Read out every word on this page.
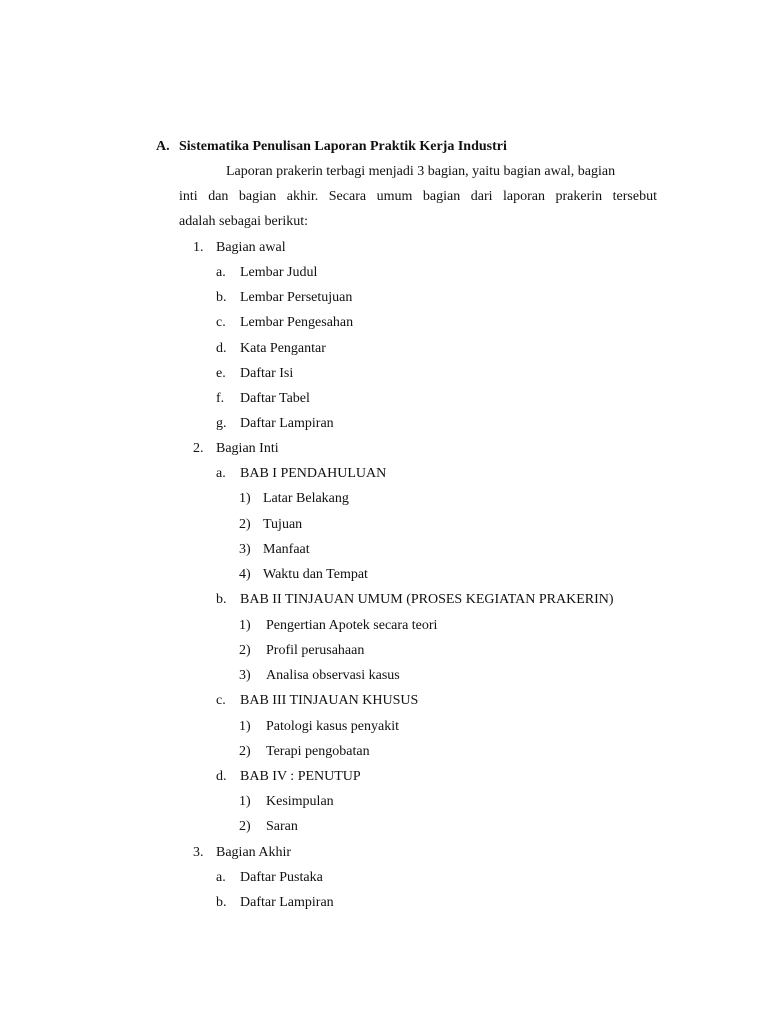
A. Sistematika Penulisan Laporan Praktik Kerja Industri
Laporan prakerin terbagi menjadi 3 bagian, yaitu bagian awal, bagian
inti dan bagian akhir. Secara umum bagian dari laporan prakerin tersebut
adalah sebagai berikut:
1. Bagian awal
a. Lembar Judul
b. Lembar Persetujuan
c. Lembar Pengesahan
d. Kata Pengantar
e. Daftar Isi
f. Daftar Tabel
g. Daftar Lampiran
2. Bagian Inti
a. BAB I PENDAHULUAN
1) Latar Belakang
2) Tujuan
3) Manfaat
4) Waktu dan Tempat
b. BAB II TINJAUAN UMUM (PROSES KEGIATAN PRAKERIN)
1) Pengertian Apotek secara teori
2) Profil perusahaan
3) Analisa observasi kasus
c. BAB III TINJAUAN KHUSUS
1) Patologi kasus penyakit
2) Terapi pengobatan
d. BAB IV : PENUTUP
1) Kesimpulan
2) Saran
3. Bagian Akhir
a. Daftar Pustaka
b. Daftar Lampiran
